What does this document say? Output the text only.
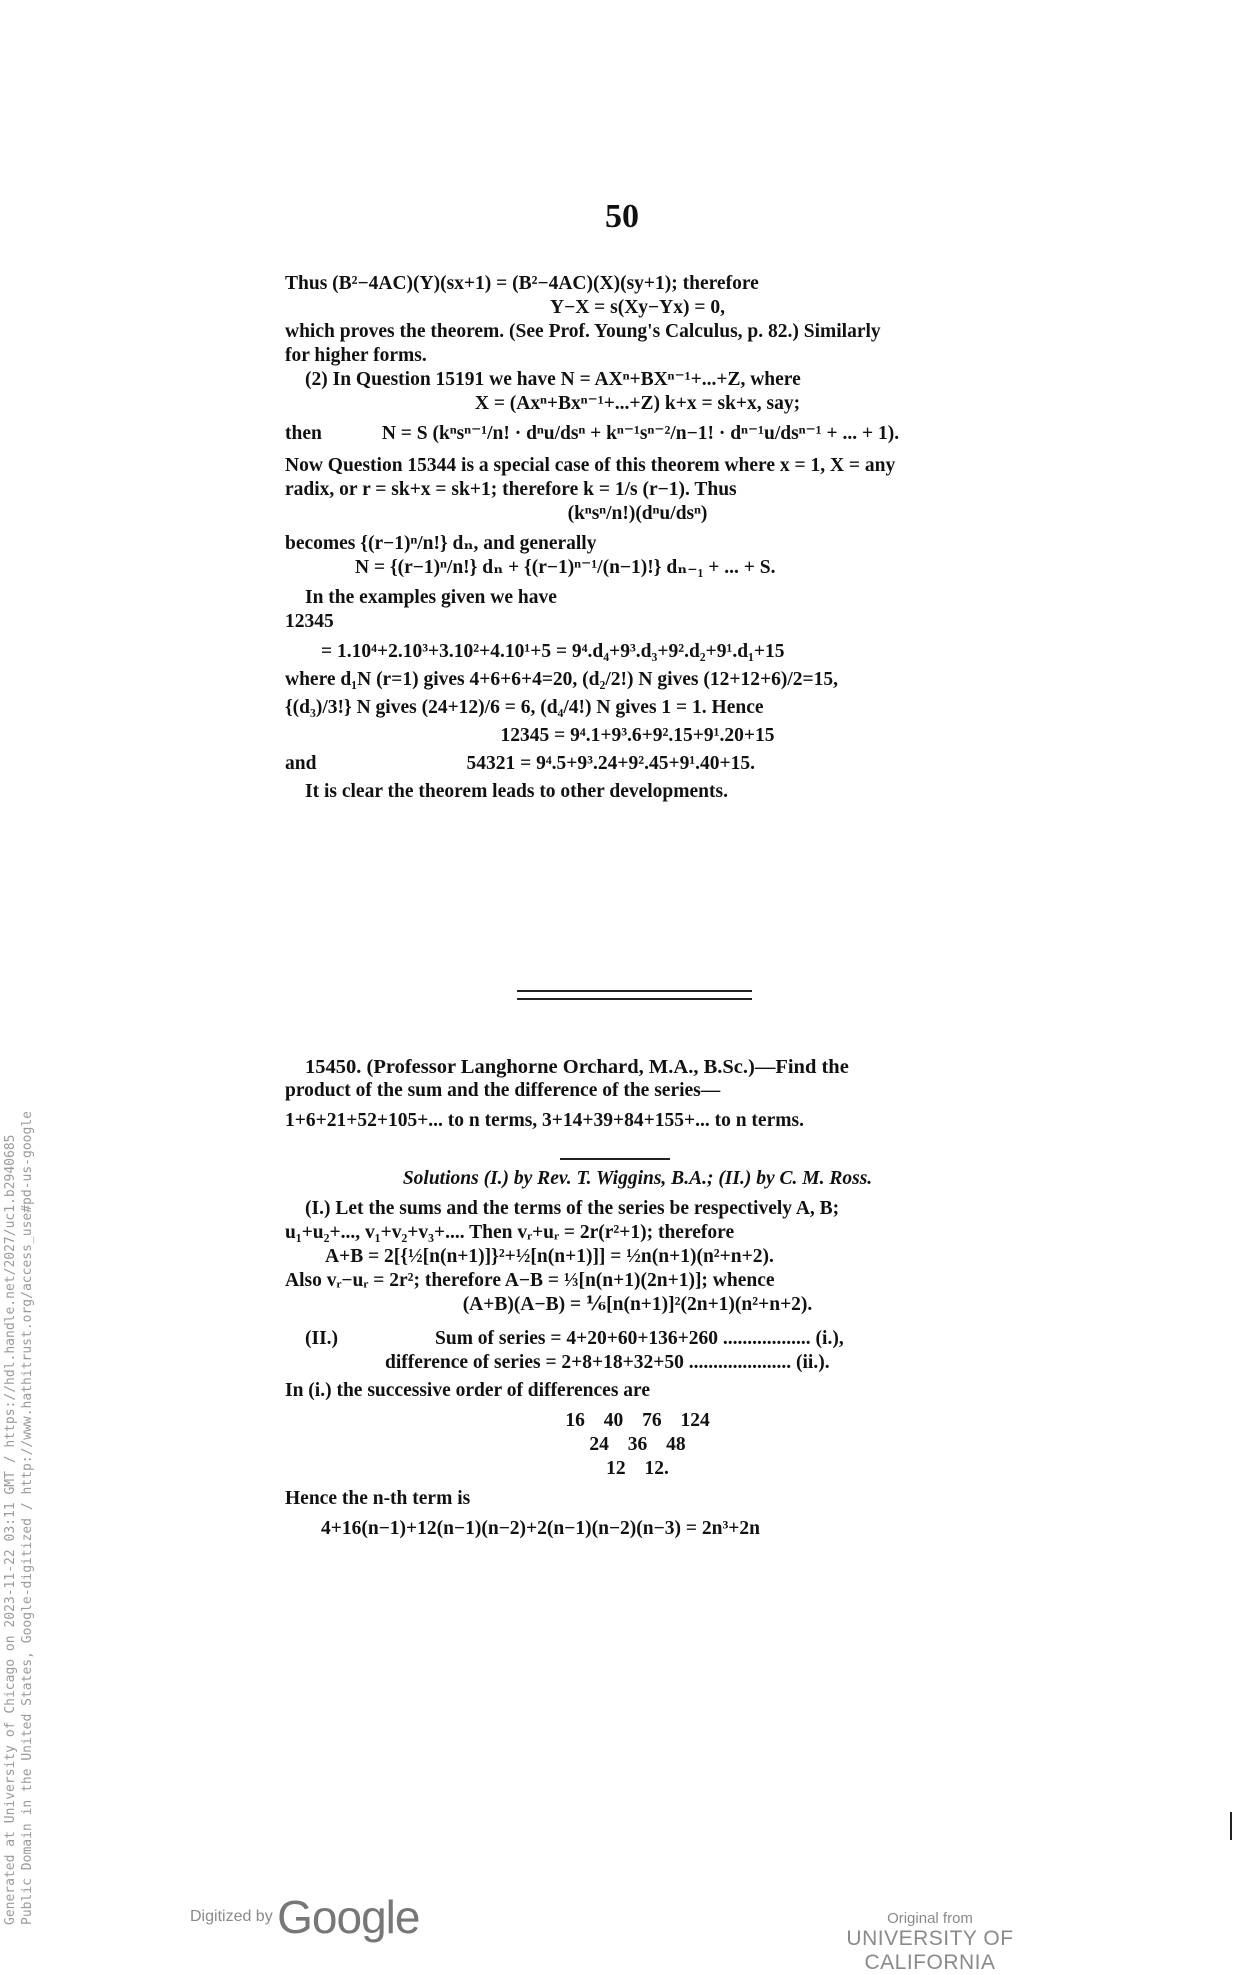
50
Thus (B²−4AC)(Y)(sx+1) = (B²−4AC)(X)(sy+1); therefore
Y−X = s(Xy−Yx) = 0,
which proves the theorem. (See Prof. Young's Calculus, p. 82.) Similarly
for higher forms.
(2) In Question 15191 we have N = AXⁿ+BXⁿ⁻¹+...+Z, where
X = (Axⁿ+Bxⁿ⁻¹+...+Z) k+x = sk+x, say;
then	N = S (kⁿsⁿ⁻¹/n! · dⁿu/dsⁿ + kⁿ⁻¹sⁿ⁻²/n−1! · dⁿ⁻¹u/dsⁿ⁻¹ + ... + 1).
Now Question 15344 is a special case of this theorem where x = 1, X = any
radix, or r = sk+x = sk+1; therefore k = 1/s (r−1). Thus
(kⁿsⁿ/n!)(dⁿu/dsⁿ)
becomes {(r−1)ⁿ/n!} dₙ, and generally
N = {(r−1)ⁿ/n!} dₙ + {(r−1)ⁿ⁻¹/(n−1)!} dₙ₋₁ + ... + S.
In the examples given we have
12345
= 1.10⁴+2.10³+3.10²+4.10¹+5 = 9⁴.d₄+9³.d₃+9².d₂+9¹.d₁+15
where d₁N (r=1) gives 4+6+6+4=20, (d₂/2!) N gives (12+12+6)/2=15,
{(d₃)/3!} N gives (24+12)/6 = 6, (d₄/4!) N gives 1 = 1. Hence
12345 = 9⁴.1+9³.6+9².15+9¹.20+15
and	54321 = 9⁴.5+9³.24+9².45+9¹.40+15.
It is clear the theorem leads to other developments.
15450. (Professor Langhorne Orchard, M.A., B.Sc.)—Find the
product of the sum and the difference of the series—
1+6+21+52+105+... to n terms, 3+14+39+84+155+... to n terms.
Solutions (I.) by Rev. T. Wiggins, B.A.; (II.) by C. M. Ross.
(I.) Let the sums and the terms of the series be respectively A, B;
u₁+u₂+..., v₁+v₂+v₃+.... Then vᵣ+uᵣ = 2r(r²+1); therefore
A+B = 2[{½[n(n+1)]}²+½[n(n+1)]] = ½n(n+1)(n²+n+2).
Also vᵣ−uᵣ = 2r²; therefore A−B = ⅓[n(n+1)(2n+1)]; whence
(A+B)(A−B) = ⅙[n(n+1)]²(2n+1)(n²+n+2).
(II.)	Sum of series = 4+20+60+136+260 .................. (i.),
difference of series = 2+8+18+32+50 ..................... (ii.).
In (i.) the successive order of differences are
16 40 76 124
24 36 48
12 12.
Hence the n-th term is
4+16(n−1)+12(n−1)(n−2)+2(n−1)(n−2)(n−3) = 2n³+2n
Generated at University of Chicago on 2023-11-22 03:11 GMT / https://hdl.handle.net/2027/uc1.b2940685 Public Domain in the United States, Google-digitized / http://www.hathitrust.org/access_use#pd-us-google	Digitized by Google	Original from
UNIVERSITY OF CALIFORNIA
